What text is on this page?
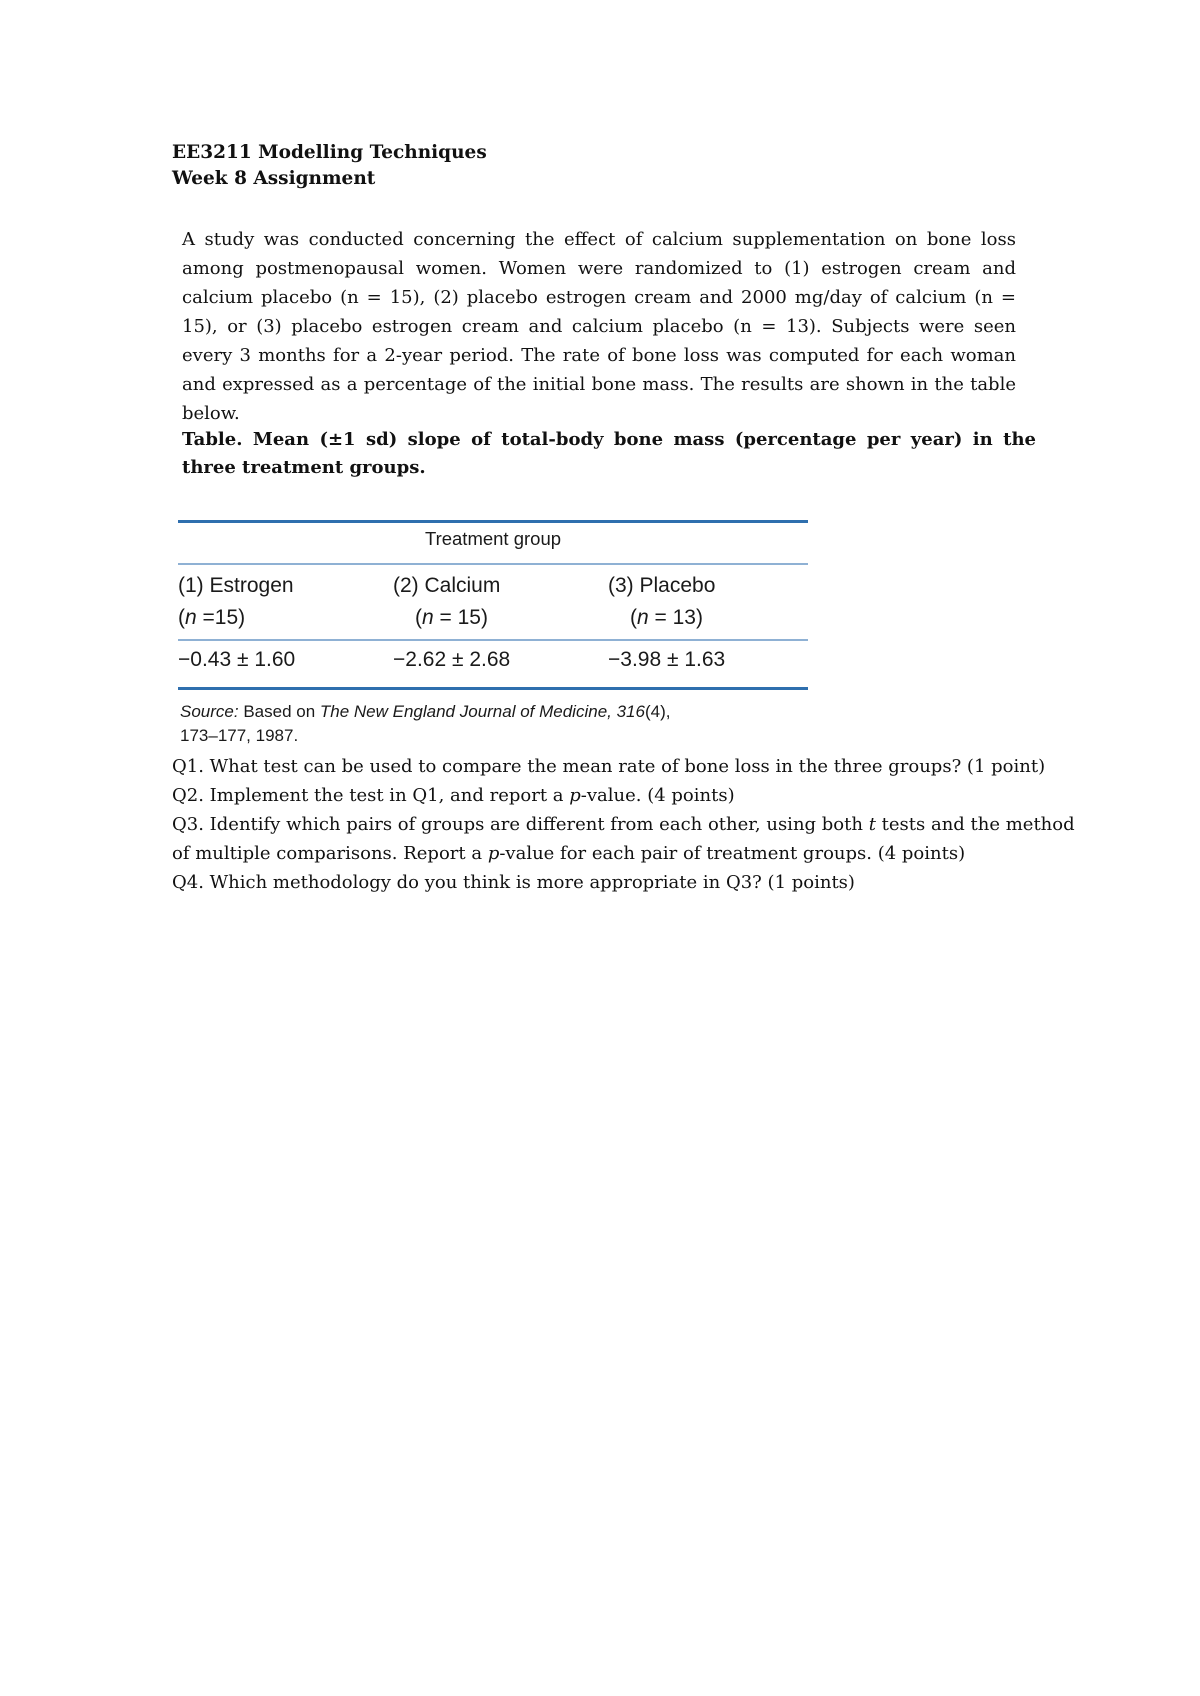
EE3211 Modelling Techniques
Week 8 Assignment
A study was conducted concerning the effect of calcium supplementation on bone loss among postmenopausal women. Women were randomized to (1) estrogen cream and calcium placebo (n = 15), (2) placebo estrogen cream and 2000 mg/day of calcium (n = 15), or (3) placebo estrogen cream and calcium placebo (n = 13). Subjects were seen every 3 months for a 2-year period. The rate of bone loss was computed for each woman and expressed as a percentage of the initial bone mass. The results are shown in the table below.
Table. Mean (±1 sd) slope of total-body bone mass (percentage per year) in the three treatment groups.
Treatment group
(1) Estrogen
(n =15)
(2) Calcium
(n = 15)
(3) Placebo
(n = 13)
−0.43 ± 1.60	−2.62 ± 2.68	−3.98 ± 1.63
Source: Based on The New England Journal of Medicine, 316(4),
173–177, 1987.
Q1. What test can be used to compare the mean rate of bone loss in the three groups? (1 point)
Q2. Implement the test in Q1, and report a p-value. (4 points)
Q3. Identify which pairs of groups are different from each other, using both t tests and the method
of multiple comparisons. Report a p-value for each pair of treatment groups. (4 points)
Q4. Which methodology do you think is more appropriate in Q3? (1 points)
